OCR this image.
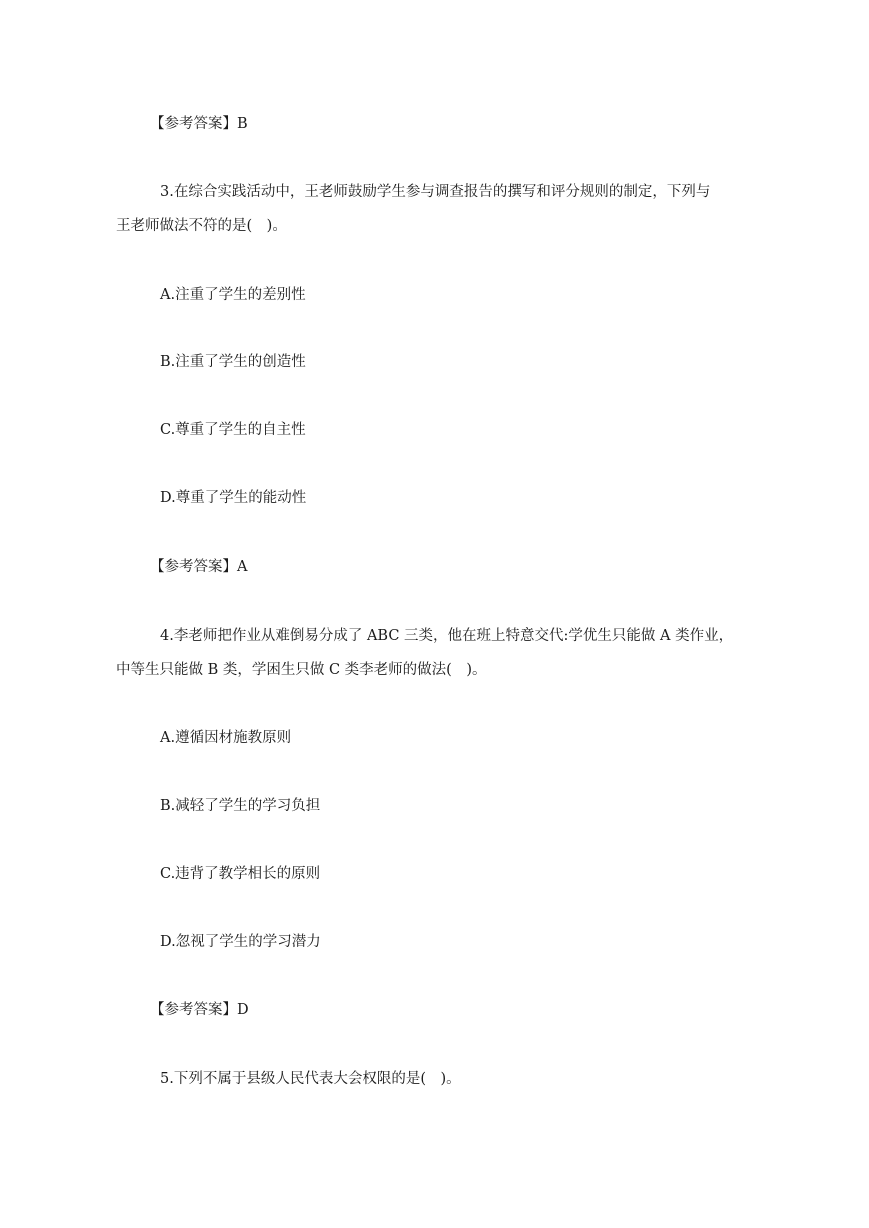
【参考答案】B
3.在综合实践活动中，王老师鼓励学生参与调查报告的撰写和评分规则的制定，下列与
王老师做法不符的是(　)。
A.注重了学生的差别性
B.注重了学生的创造性
C.尊重了学生的自主性
D.尊重了学生的能动性
【参考答案】A
4.李老师把作业从难倒易分成了 ABC 三类，他在班上特意交代:学优生只能做 A 类作业，
中等生只能做 B 类，学困生只做 C 类李老师的做法(　)。
A.遵循因材施教原则
B.减轻了学生的学习负担
C.违背了教学相长的原则
D.忽视了学生的学习潜力
【参考答案】D
5.下列不属于县级人民代表大会权限的是(　)。
